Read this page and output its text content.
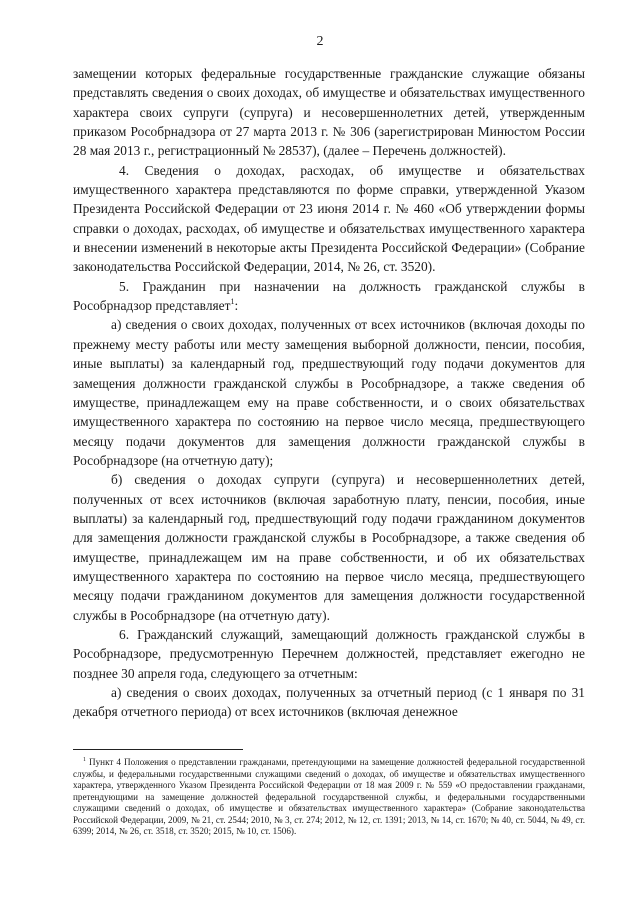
2

замещении которых федеральные государственные гражданские служащие обязаны представлять сведения о своих доходах, об имуществе и обязательствах имущественного характера своих супруги (супруга) и несовершеннолетних детей, утвержденным приказом Рособрнадзора от 27 марта 2013 г. № 306 (зарегистрирован Минюстом России 28 мая 2013 г., регистрационный № 28537), (далее – Перечень должностей).

4. Сведения о доходах, расходах, об имуществе и обязательствах имущественного характера представляются по форме справки, утвержденной Указом Президента Российской Федерации от 23 июня 2014 г. № 460 «Об утверждении формы справки о доходах, расходах, об имуществе и обязательствах имущественного характера и внесении изменений в некоторые акты Президента Российской Федерации» (Собрание законодательства Российской Федерации, 2014, № 26, ст. 3520).

5. Гражданин при назначении на должность гражданской службы в Рособрнадзор представляет$^1$:

а) сведения о своих доходах, полученных от всех источников (включая доходы по прежнему месту работы или месту замещения выборной должности, пенсии, пособия, иные выплаты) за календарный год, предшествующий году подачи документов для замещения должности гражданской службы в Рособрнадзоре, а также сведения об имуществе, принадлежащем ему на праве собственности, и о своих обязательствах имущественного характера по состоянию на первое число месяца, предшествующего месяцу подачи документов для замещения должности гражданской службы в Рособрнадзоре (на отчетную дату);

б) сведения о доходах супруги (супруга) и несовершеннолетних детей, полученных от всех источников (включая заработную плату, пенсии, пособия, иные выплаты) за календарный год, предшествующий году подачи гражданином документов для замещения должности гражданской службы в Рособрнадзоре, а также сведения об имуществе, принадлежащем им на праве собственности, и об их обязательствах имущественного характера по состоянию на первое число месяца, предшествующего месяцу подачи гражданином документов для замещения должности государственной службы в Рособрнадзоре (на отчетную дату).

6. Гражданский служащий, замещающий должность гражданской службы в Рособрнадзоре, предусмотренную Перечнем должностей, представляет ежегодно не позднее 30 апреля года, следующего за отчетным:

а) сведения о своих доходах, полученных за отчетный период (с 1 января по 31 декабря отчетного периода) от всех источников (включая денежное

$^1$ Пункт 4 Положения о представлении гражданами, претендующими на замещение должностей федеральной государственной службы, и федеральными государственными служащими сведений о доходах, об имуществе и обязательствах имущественного характера, утвержденного Указом Президента Российской Федерации от 18 мая 2009 г. № 559 «О предоставлении гражданами, претендующими на замещение должностей федеральной государственной службы, и федеральными государственными служащими сведений о доходах, об имуществе и обязательствах имущественного характера» (Собрание законодательства Российской Федерации, 2009, № 21, ст. 2544; 2010, № 3, ст. 274; 2012, № 12, ст. 1391; 2013, № 14, ст. 1670; № 40, ст. 5044, № 49, ст. 6399; 2014, № 26, ст. 3518, ст. 3520; 2015, № 10, ст. 1506).
